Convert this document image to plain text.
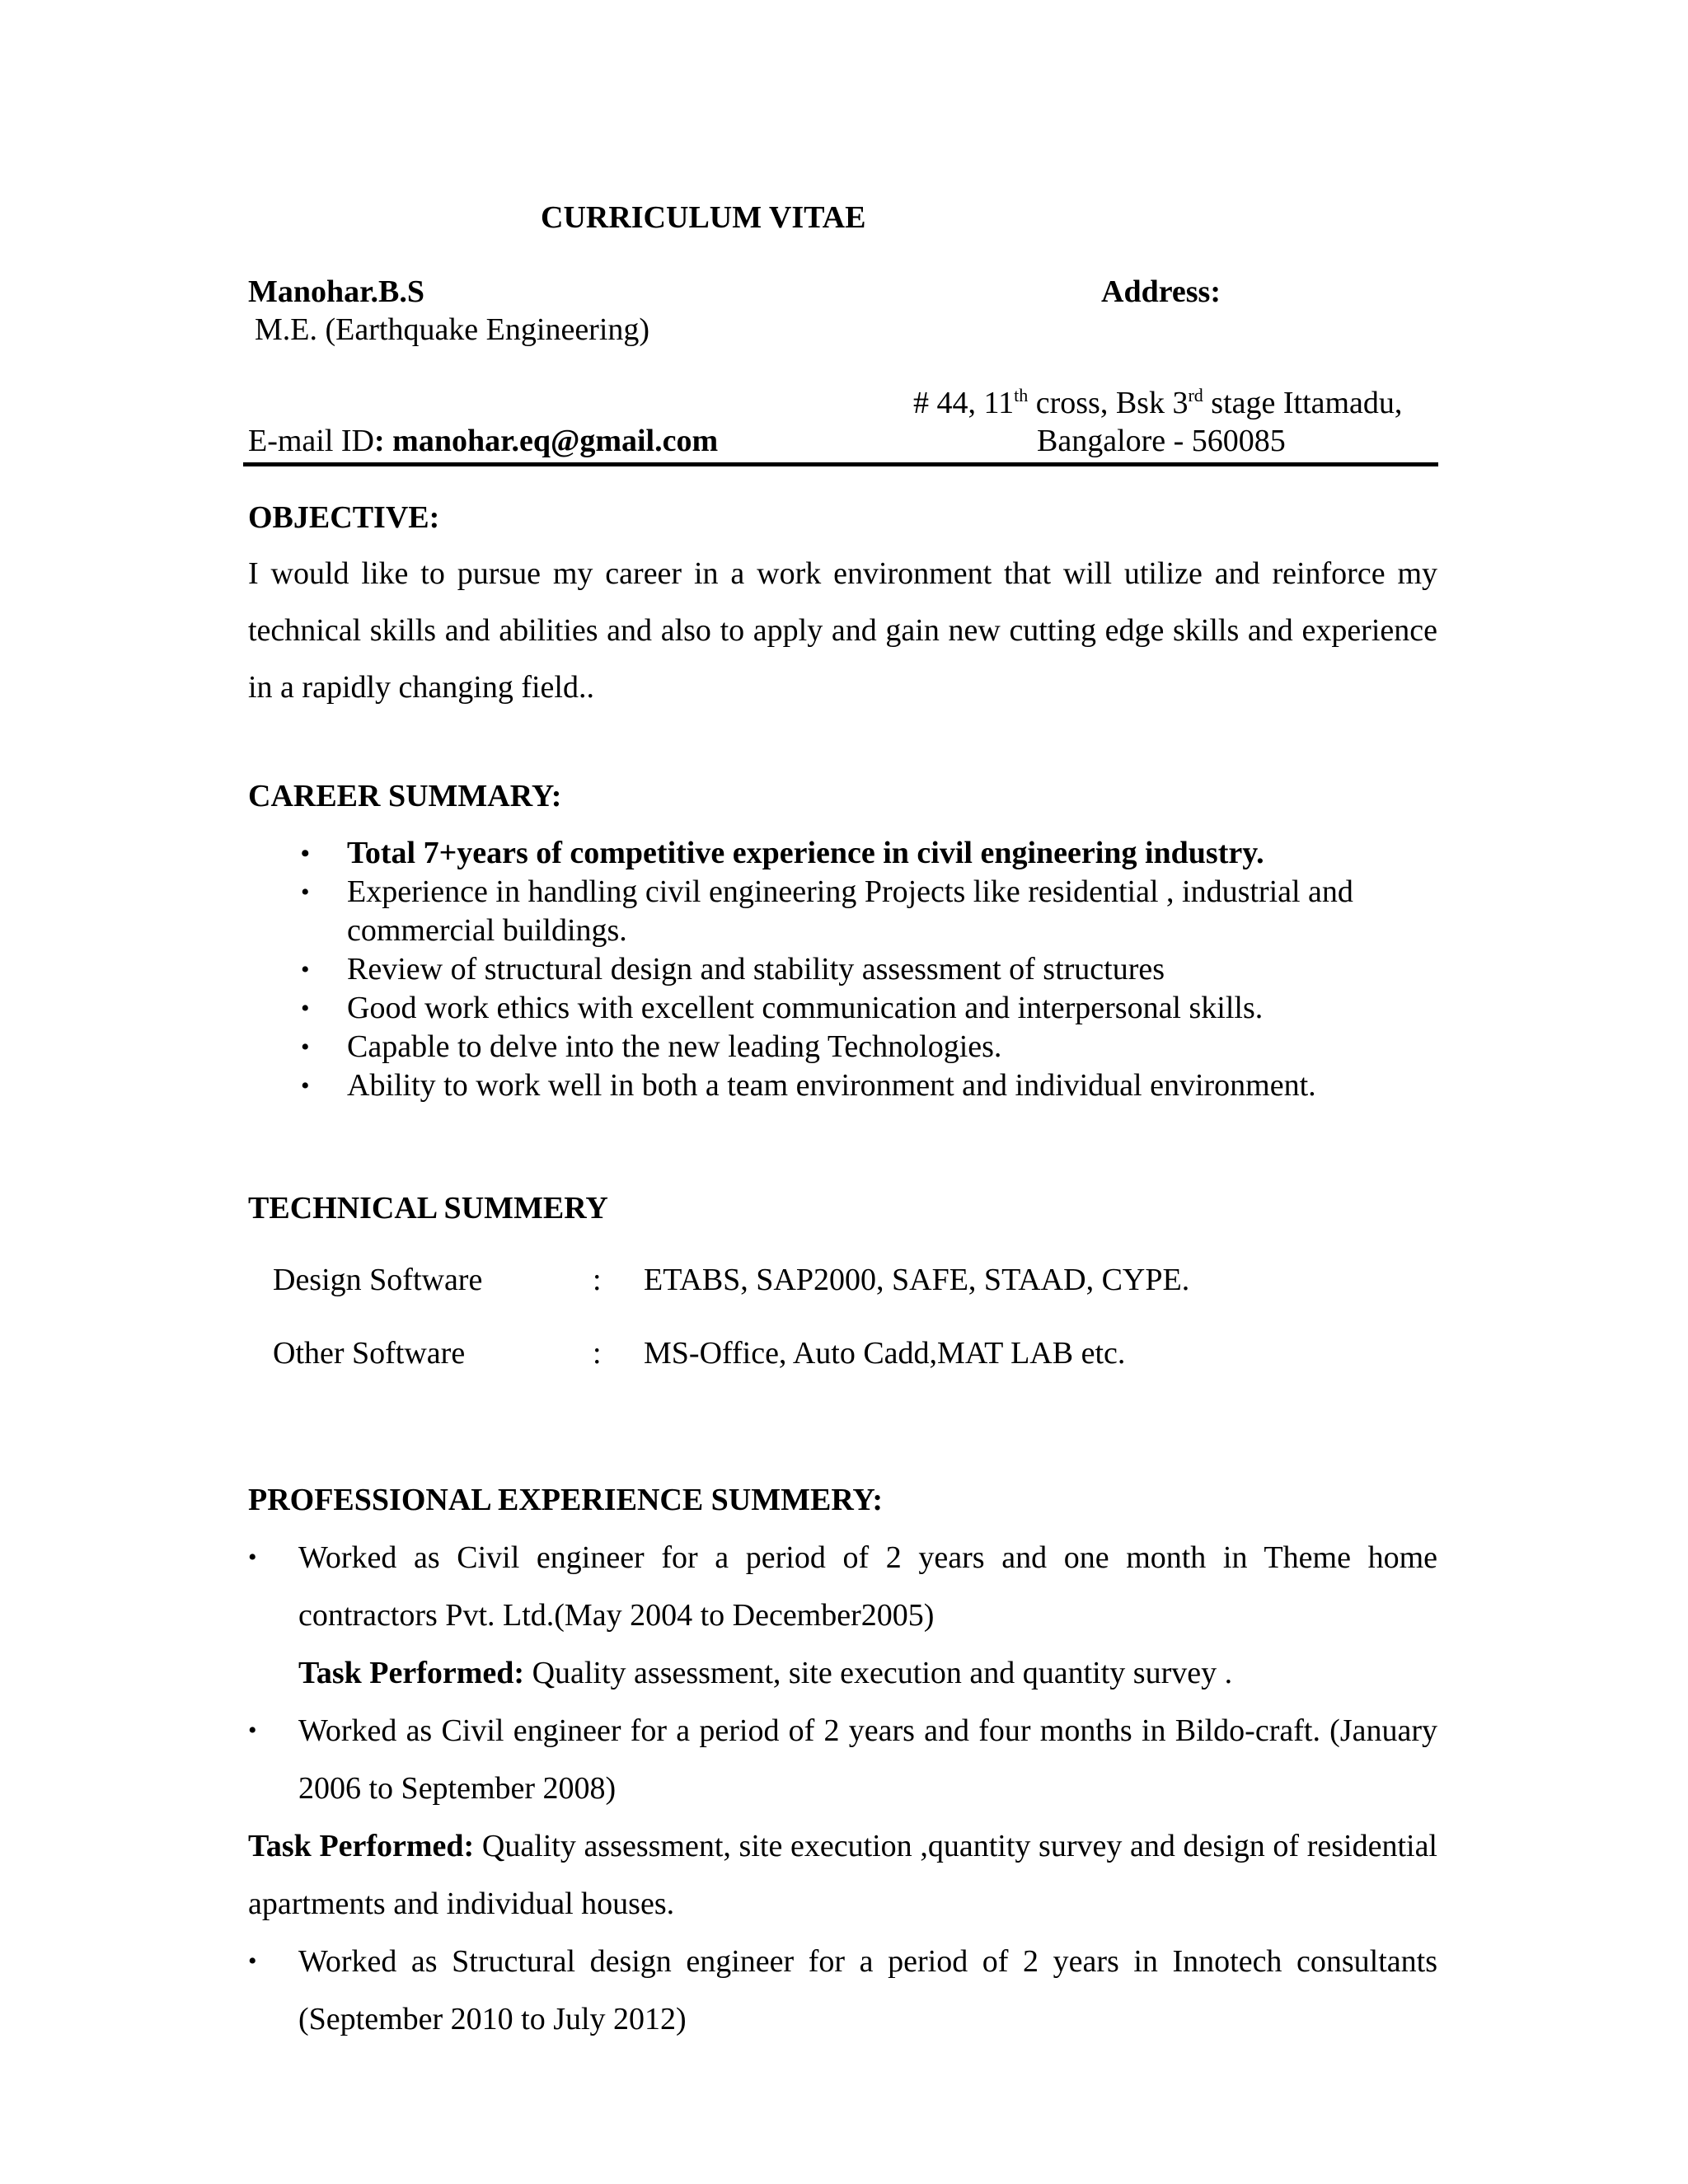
CURRICULUM VITAE
Manohar.B.S
M.E. (Earthquake Engineering)
Address:
# 44, 11th cross, Bsk 3rd stage Ittamadu,
Bangalore - 560085
E-mail ID: manohar.eq@gmail.com
OBJECTIVE:

I would like to pursue my career in a work environment that will utilize and reinforce my technical skills and abilities and also to apply and gain new cutting edge skills and experience in a rapidly changing field..

CAREER SUMMARY:
• Total 7+years of competitive experience in civil engineering industry.
• Experience in handling civil engineering Projects like residential , industrial and commercial buildings.
• Review of structural design and stability assessment of structures
• Good work ethics with excellent communication and interpersonal skills.
• Capable to delve into the new leading Technologies.
• Ability to work well in both a team environment and individual environment.
TECHNICAL SUMMERY
Design Software	: ETABS, SAP2000, SAFE, STAAD, CYPE.
Other Software	: MS-Office, Auto Cadd,MAT LAB etc.
PROFESSIONAL EXPERIENCE SUMMERY:
• Worked as Civil engineer for a period of 2 years and one month in Theme home contractors Pvt. Ltd.(May 2004 to December2005)
Task Performed: Quality assessment, site execution and quantity survey .
• Worked as Civil engineer for a period of 2 years and four months in Bildo-craft. (January 2006 to September 2008)
Task Performed: Quality assessment, site execution ,quantity survey and design of residential apartments and individual houses.
• Worked as Structural design engineer for a period of 2 years in Innotech consultants (September 2010 to July 2012)
